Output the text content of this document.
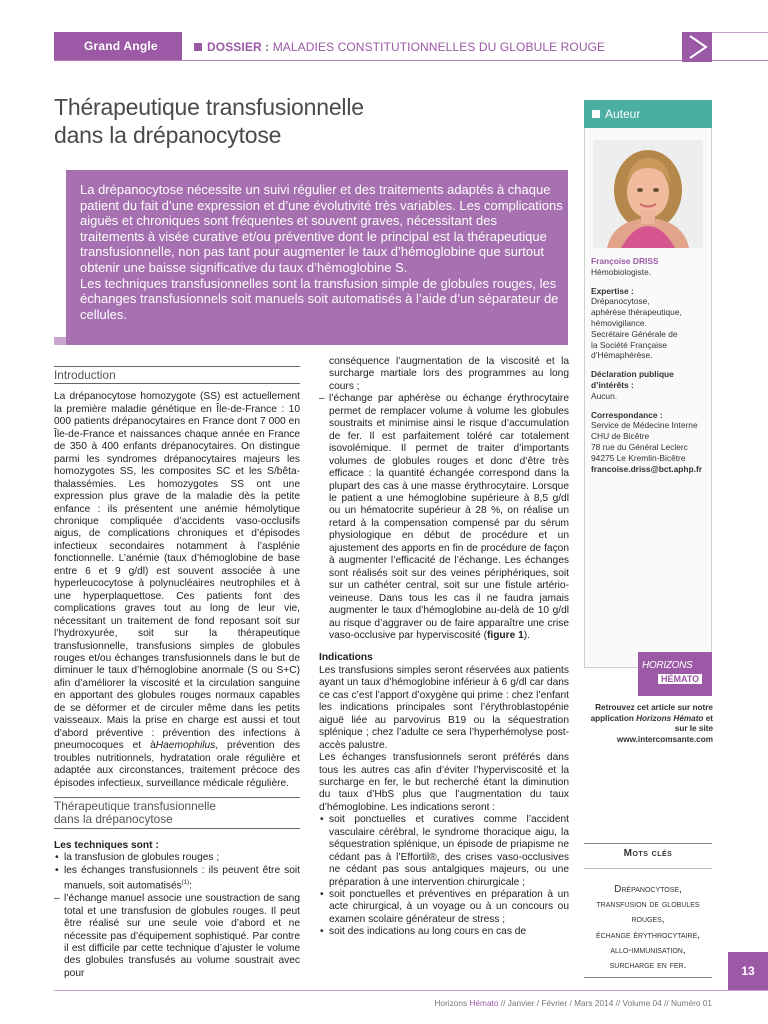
Grand Angle	DOSSIER : MALADIES CONSTITUTIONNELLES DU GLOBULE ROUGE
Thérapeutique transfusionnelle
dans la drépanocytose

La drépanocytose nécessite un suivi régulier et des traitements adaptés à chaque patient du fait d’une expression et d’une évolutivité très variables. Les complications aiguës et chroniques sont fréquentes et souvent graves, nécessitant des traitements à visée curative et/ou préventive dont le principal est la thérapeutique transfusionnelle, non pas tant pour augmenter le taux d’hémoglobine que surtout obtenir une baisse significative du taux d’hémoglobine S.

Les techniques transfusionnelles sont la transfusion simple de globules rouges, les échanges transfusionnels soit manuels soit automatisés à l’aide d’un séparateur de cellules.

Introduction

La drépanocytose homozygote (SS) est actuellement la première maladie génétique en Île-de-France : 10 000 patients drépanocytaires en France dont 7 000 en Île-de-France et naissances chaque année en France de 350 à 400 enfants drépanocytaires. On distingue parmi les syndromes drépanocytaires majeurs les homozygotes SS, les composites SC et les S/bêta-thalassémies. Les homozygotes SS ont une expression plus grave de la maladie dès la petite enfance : ils présentent une anémie hémolytique chronique compliquée d’accidents vaso-occlusifs aigus, de complications chroniques et d’épisodes infectieux secondaires notamment à l’asplénie fonctionnelle. L’anémie (taux d’hémoglobine de base entre 6 et 9 g/dl) est souvent associée à une hyperleucocytose à polynucléaires neutrophiles et à une hyperplaquettose. Ces patients font des complications graves tout au long de leur vie, nécessitant un traitement de fond reposant soit sur l’hydroxyurée, soit sur la thérapeutique transfusionnelle, transfusions simples de globules rouges et/ou échanges transfusionnels dans le but de diminuer le taux d’hémoglobine anormale (S ou S+C) afin d’améliorer la viscosité et la circulation sanguine en apportant des globules rouges normaux capables de se déformer et de circuler même dans les petits vaisseaux. Mais la prise en charge est aussi et tout d’abord préventive : prévention des infections à pneumocoques et àHaemophilus, prévention des troubles nutritionnels, hydratation orale régulière et adaptée aux circonstances, traitement précoce des épisodes infectieux, surveillance médicale régulière.

Thérapeutique transfusionnelle
dans la drépanocytose

Les techniques sont :

• la transfusion de globules rouges ;
• les échanges transfusionnels : ils peuvent être soit manuels, soit automatisés$^{(1)}$:
– l’échange manuel associe une soustraction de sang total et une transfusion de globules rouges. Il peut être réalisé sur une seule voie d’abord et ne nécessite pas d’équipement sophistiqué. Par contre il est difficile par cette technique d’ajuster le volume des globules transfusés au volume soustrait avec pour

conséquence l’augmentation de la viscosité et la surcharge martiale lors des programmes au long cours ;

– l’échange par aphérèse ou échange érythrocytaire permet de remplacer volume à volume les globules soustraits et minimise ainsi le risque d’accumulation de fer. Il est parfaitement toléré car totalement isovolémique. Il permet de traiter d’importants volumes de globules rouges et donc d’être très efficace : la quantité échangée correspond dans la plupart des cas à une masse érythrocytaire. Lorsque le patient a une hémoglobine supérieure à 8,5 g/dl ou un hématocrite supérieur à 28 %, on réalise un retard à la compensation compensé par du sérum physiologique en début de procédure et un ajustement des apports en fin de procédure de façon à augmenter l’efficacité de l’échange. Les échanges sont réalisés soit sur des veines périphériques, soit sur un cathéter central, soit sur une fistule artério-veineuse. Dans tous les cas il ne faudra jamais augmenter le taux d’hémoglobine au-delà de 10 g/dl au risque d’aggraver ou de faire apparaître une crise vaso-occlusive par hyperviscosité (figure 1).

Indications

Les transfusions simples seront réservées aux patients ayant un taux d’hémoglobine inférieur à 6 g/dl car dans ce cas c’est l’apport d’oxygène qui prime : chez l’enfant les indications principales sont l’érythroblastopénie aiguë liée au parvovirus B19 ou la séquestration splénique ; chez l’adulte ce sera l’hyperhémolyse post-accès palustre.

Les échanges transfusionnels seront préférés dans tous les autres cas afin d’éviter l’hyperviscosité et la surcharge en fer, le but recherché étant la diminution du taux d’HbS plus que l’augmentation du taux d’hémoglobine. Les indications seront :

• soit ponctuelles et curatives comme l’accident vasculaire cérébral, le syndrome thoracique aigu, la séquestration splénique, un épisode de priapisme ne cédant pas à l’Effortil®, des crises vaso-occlusives ne cédant pas sous antalgiques majeurs, ou une préparation à une intervention chirurgicale ;
• soit ponctuelles et préventives en préparation à un acte chirurgical, à un voyage ou à un concours ou examen scolaire générateur de stress ;
• soit des indications au long cours en cas de
Auteur

Françoise DRISS

Hémobiologiste.

Expertise :

Drépanocytose,

aphérèse thérapeutique,

hémovigilance.

Secrétaire Générale de

la Société Française

d’Hémaphérèse.

Déclaration publique d’intérêts :

Aucun.

Correspondance :

Service de Médecine Interne

CHU de Bicêtre

78 rue du Général Leclerc

94275 Le Kremlin-Bicêtre

francoise.driss@bct.aphp.fr

HORIZONS
HÉMATO
Retrouvez cet article sur notre
application Horizons Hémato et
sur le site www.intercomsante.com
Mots clés
Drépanocytose,
transfusion de globules
rouges,
échange érythrocytaire,
allo-immunisation,
surcharge en fer.	13
Horizons Hémato // Janvier / Février / Mars 2014 // Volume 04 // Numéro 01
